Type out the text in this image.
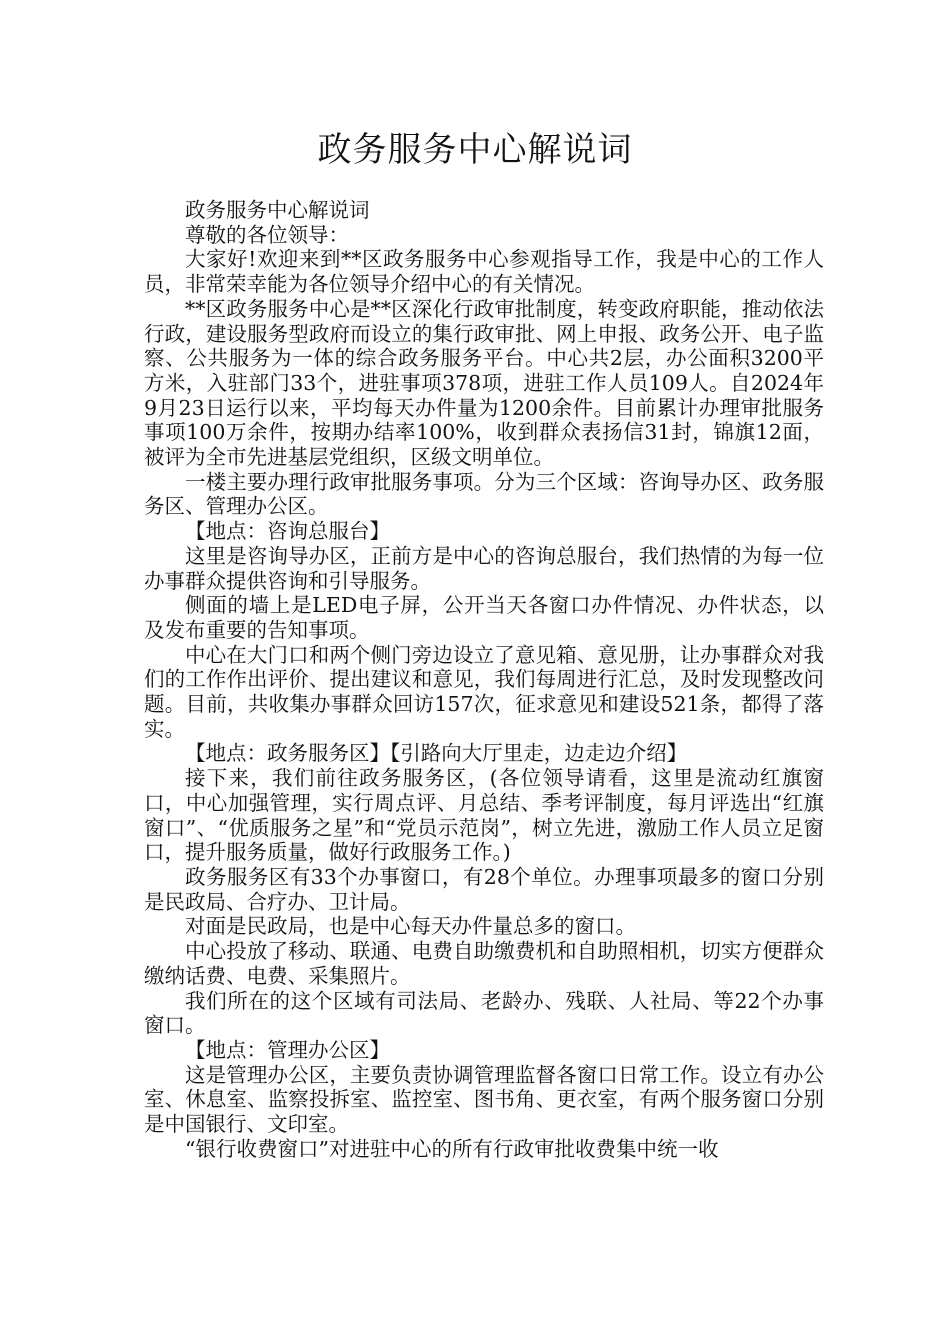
政务服务中心解说词

政务服务中心解说词

尊敬的各位领导：

大家好!欢迎来到**区政务服务中心参观指导工作，我是中心的工作人员，非常荣幸能为各位领导介绍中心的有关情况。

**区政务服务中心是**区深化行政审批制度，转变政府职能，推动依法行政，建设服务型政府而设立的集行政审批、网上申报、政务公开、电子监察、公共服务为一体的综合政务服务平台。中心共2层，办公面积3200平方米，入驻部门33个，进驻事项378项，进驻工作人员109人。自2024年9月23日运行以来，平均每天办件量为1200余件。目前累计办理审批服务事项100万余件，按期办结率100%，收到群众表扬信31封，锦旗12面，被评为全市先进基层党组织，区级文明单位。

一楼主要办理行政审批服务事项。分为三个区域：咨询导办区、政务服务区、管理办公区。

【地点：咨询总服台】

这里是咨询导办区，正前方是中心的咨询总服台，我们热情的为每一位办事群众提供咨询和引导服务。

侧面的墙上是LED电子屏，公开当天各窗口办件情况、办件状态，以及发布重要的告知事项。

中心在大门口和两个侧门旁边设立了意见箱、意见册，让办事群众对我们的工作作出评价、提出建议和意见，我们每周进行汇总，及时发现整改问题。目前，共收集办事群众回访157次，征求意见和建设521条，都得了落实。

【地点：政务服务区】【引路向大厅里走，边走边介绍】

接下来，我们前往政务服务区，(各位领导请看，这里是流动红旗窗口，中心加强管理，实行周点评、月总结、季考评制度，每月评选出“红旗窗口”、“优质服务之星”和“党员示范岗”，树立先进，激励工作人员立足窗口，提升服务质量，做好行政服务工作。)

政务服务区有33个办事窗口，有28个单位。办理事项最多的窗口分别是民政局、合疗办、卫计局。

对面是民政局，也是中心每天办件量总多的窗口。

中心投放了移动、联通、电费自助缴费机和自助照相机，切实方便群众缴纳话费、电费、采集照片。

我们所在的这个区域有司法局、老龄办、残联、人社局、等22个办事窗口。

【地点：管理办公区】

这是管理办公区，主要负责协调管理监督各窗口日常工作。设立有办公室、休息室、监察投拆室、监控室、图书角、更衣室，有两个服务窗口分别是中国银行、文印室。

“银行收费窗口”对进驻中心的所有行政审批收费集中统一收
